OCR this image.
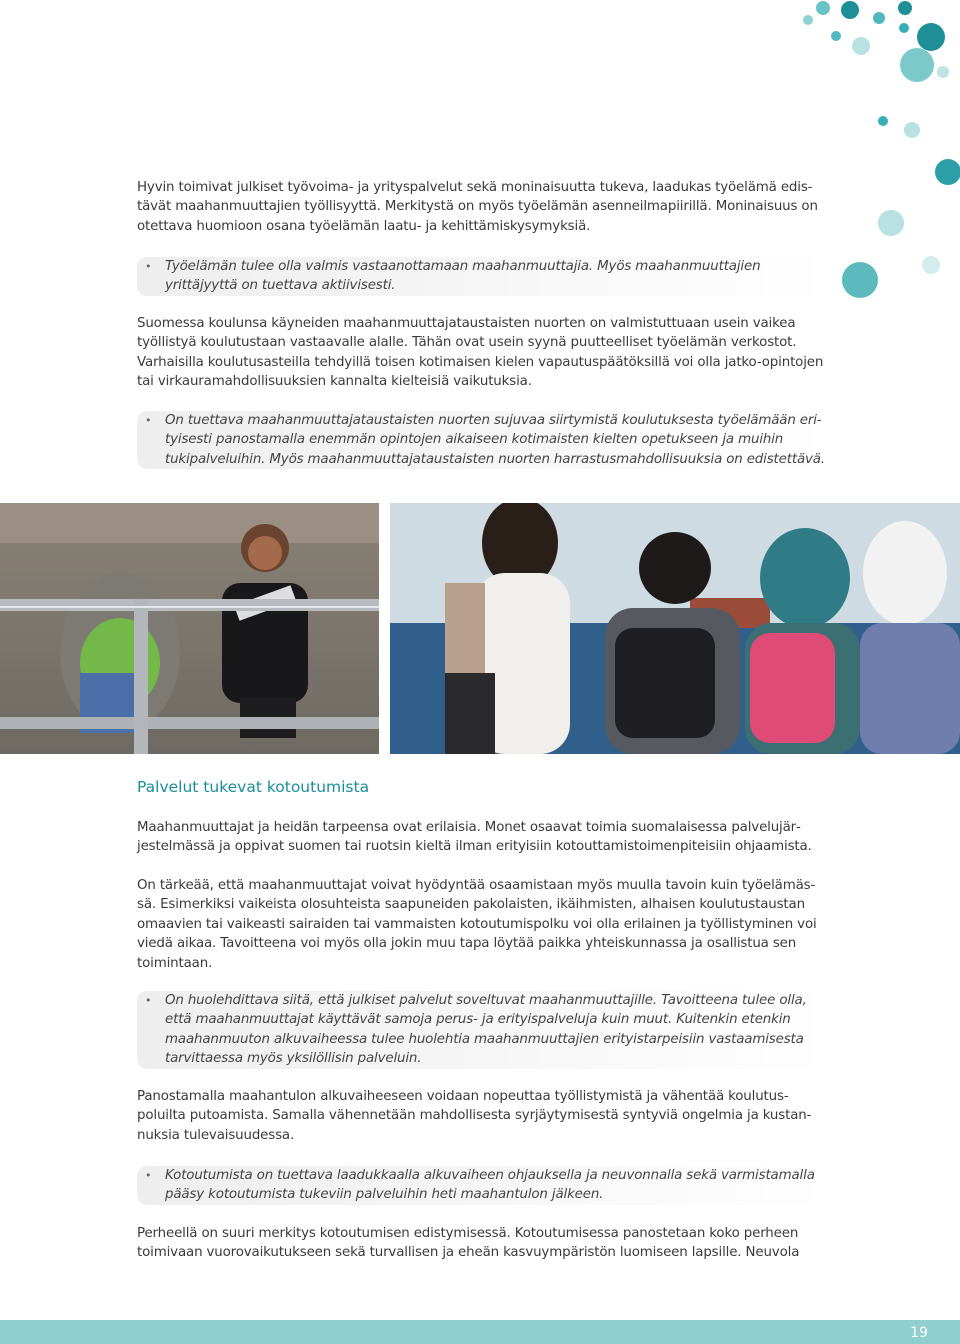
Hyvin toimivat julkiset työvoima- ja yrityspalvelut sekä moninaisuutta tukeva, laadukas työelämä edistävät maahanmuuttajien työllisyyttä. Merkitystä on myös työelämän asenneilmapiirillä. Moninaisuus on otettava huomioon osana työelämän laatu- ja kehittämiskysymyksiä.

• Työelämän tulee olla valmis vastaanottamaan maahanmuuttajia. Myös maahanmuuttajien yrittäjyyttä on tuettava aktiivisesti.

Suomessa koulunsa käyneiden maahanmuuttajataustaisten nuorten on valmistuttuaan usein vaikea työllistyä koulutustaan vastaavalle alalle. Tähän ovat usein syynä puutteelliset työelämän verkostot. Varhaisilla koulutusasteilla tehdyillä toisen kotimaisen kielen vapautuspäätöksillä voi olla jatko-opintojen tai virkauramahdollisuuksien kannalta kielteisiä vaikutuksia.

• On tuettava maahanmuuttajataustaisten nuorten sujuvaa siirtymistä koulutuksesta työelämään erityisesti panostamalla enemmän opintojen aikaiseen kotimaisten kielten opetukseen ja muihin tukipalveluihin. Myös maahanmuuttajataustaisten nuorten harrastusmahdollisuuksia on edistettävä.
Palvelut tukevat kotoutumista

Maahanmuuttajat ja heidän tarpeensa ovat erilaisia. Monet osaavat toimia suomalaisessa palvelujärjestelmässä ja oppivat suomen tai ruotsin kieltä ilman erityisiin kotouttamistoimenpiteisiin ohjaamista.

On tärkeää, että maahanmuuttajat voivat hyödyntää osaamistaan myös muulla tavoin kuin työelämässä. Esimerkiksi vaikeista olosuhteista saapuneiden pakolaisten, ikäihmisten, alhaisen koulutustaustan omaavien tai vaikeasti sairaiden tai vammaisten kotoutumispolku voi olla erilainen ja työllistyminen voi viedä aikaa. Tavoitteena voi myös olla jokin muu tapa löytää paikka yhteiskunnassa ja osallistua sen toimintaan.

• On huolehdittava siitä, että julkiset palvelut soveltuvat maahanmuuttajille. Tavoitteena tulee olla, että maahanmuuttajat käyttävät samoja perus- ja erityispalveluja kuin muut. Kuitenkin etenkin maahanmuuton alkuvaiheessa tulee huolehtia maahanmuuttajien erityistarpeisiin vastaamisesta tarvittaessa myös yksilöllisin palveluin.

Panostamalla maahantulon alkuvaiheeseen voidaan nopeuttaa työllistymistä ja vähentää koulutuspoluilta putoamista. Samalla vähennetään mahdollisesta syrjäytymisestä syntyviä ongelmia ja kustannuksia tulevaisuudessa.

• Kotoutumista on tuettava laadukkaalla alkuvaiheen ohjauksella ja neuvonnalla sekä varmistamalla pääsy kotoutumista tukeviin palveluihin heti maahantulon jälkeen.

Perheellä on suuri merkitys kotoutumisen edistymisessä. Kotoutumisessa panostetaan koko perheen toimivaan vuorovaikutukseen sekä turvallisen ja eheän kasvuympäristön luomiseen lapsille. Neuvola

19
